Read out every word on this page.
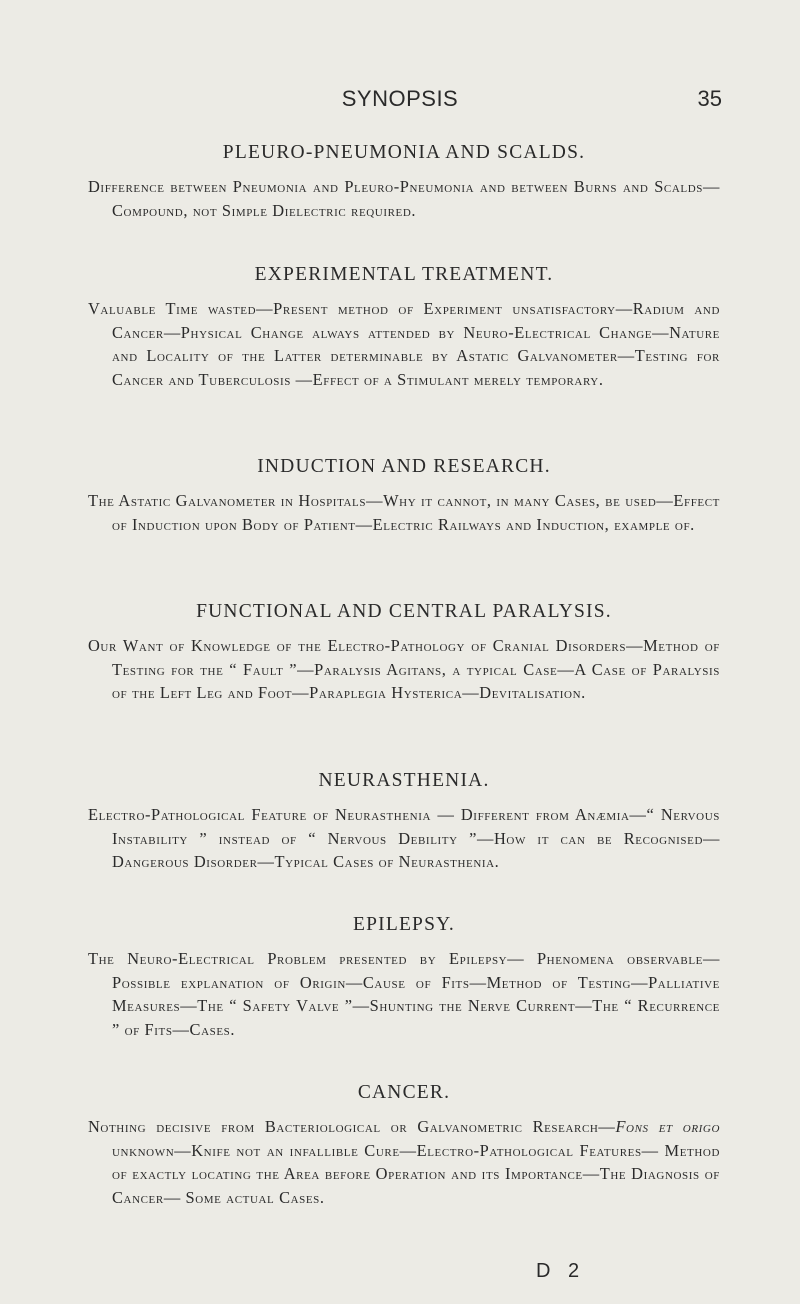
SYNOPSIS	35
PLEURO-PNEUMONIA AND SCALDS.

Difference between Pneumonia and Pleuro-Pneumonia and between Burns and Scalds—Compound, not Simple Dielectric required.

EXPERIMENTAL TREATMENT.

Valuable Time wasted—Present method of Experiment unsatisfactory—Radium and Cancer—Physical Change always attended by Neuro-Electrical Change—Nature and Locality of the Latter determinable by Astatic Galvanometer—Testing for Cancer and Tuberculosis —Effect of a Stimulant merely temporary.

INDUCTION AND RESEARCH.

The Astatic Galvanometer in Hospitals—Why it cannot, in many Cases, be used—Effect of Induction upon Body of Patient—Electric Railways and Induction, example of.

FUNCTIONAL AND CENTRAL PARALYSIS.

Our Want of Knowledge of the Electro-Pathology of Cranial Disorders—Method of Testing for the “ Fault ”—Paralysis Agitans, a typical Case—A Case of Paralysis of the Left Leg and Foot—Paraplegia Hysterica—Devitalisation.

NEURASTHENIA.

Electro-Pathological Feature of Neurasthenia — Different from Anæmia—“ Nervous Instability ” instead of “ Nervous Debility ”—How it can be Recognised— Dangerous Disorder—Typical Cases of Neurasthenia.

EPILEPSY.

The Neuro-Electrical Problem presented by Epilepsy— Phenomena observable—Possible explanation of Origin—Cause of Fits—Method of Testing—Palliative Measures—The “ Safety Valve ”—Shunting the Nerve Current—The “ Recurrence ” of Fits—Cases.

CANCER.

Nothing decisive from Bacteriological or Galvanometric Research—Fons et origo unknown—Knife not an infallible Cure—Electro-Pathological Features— Method of exactly locating the Area before Operation and its Importance—The Diagnosis of Cancer— Some actual Cases.

D 2
